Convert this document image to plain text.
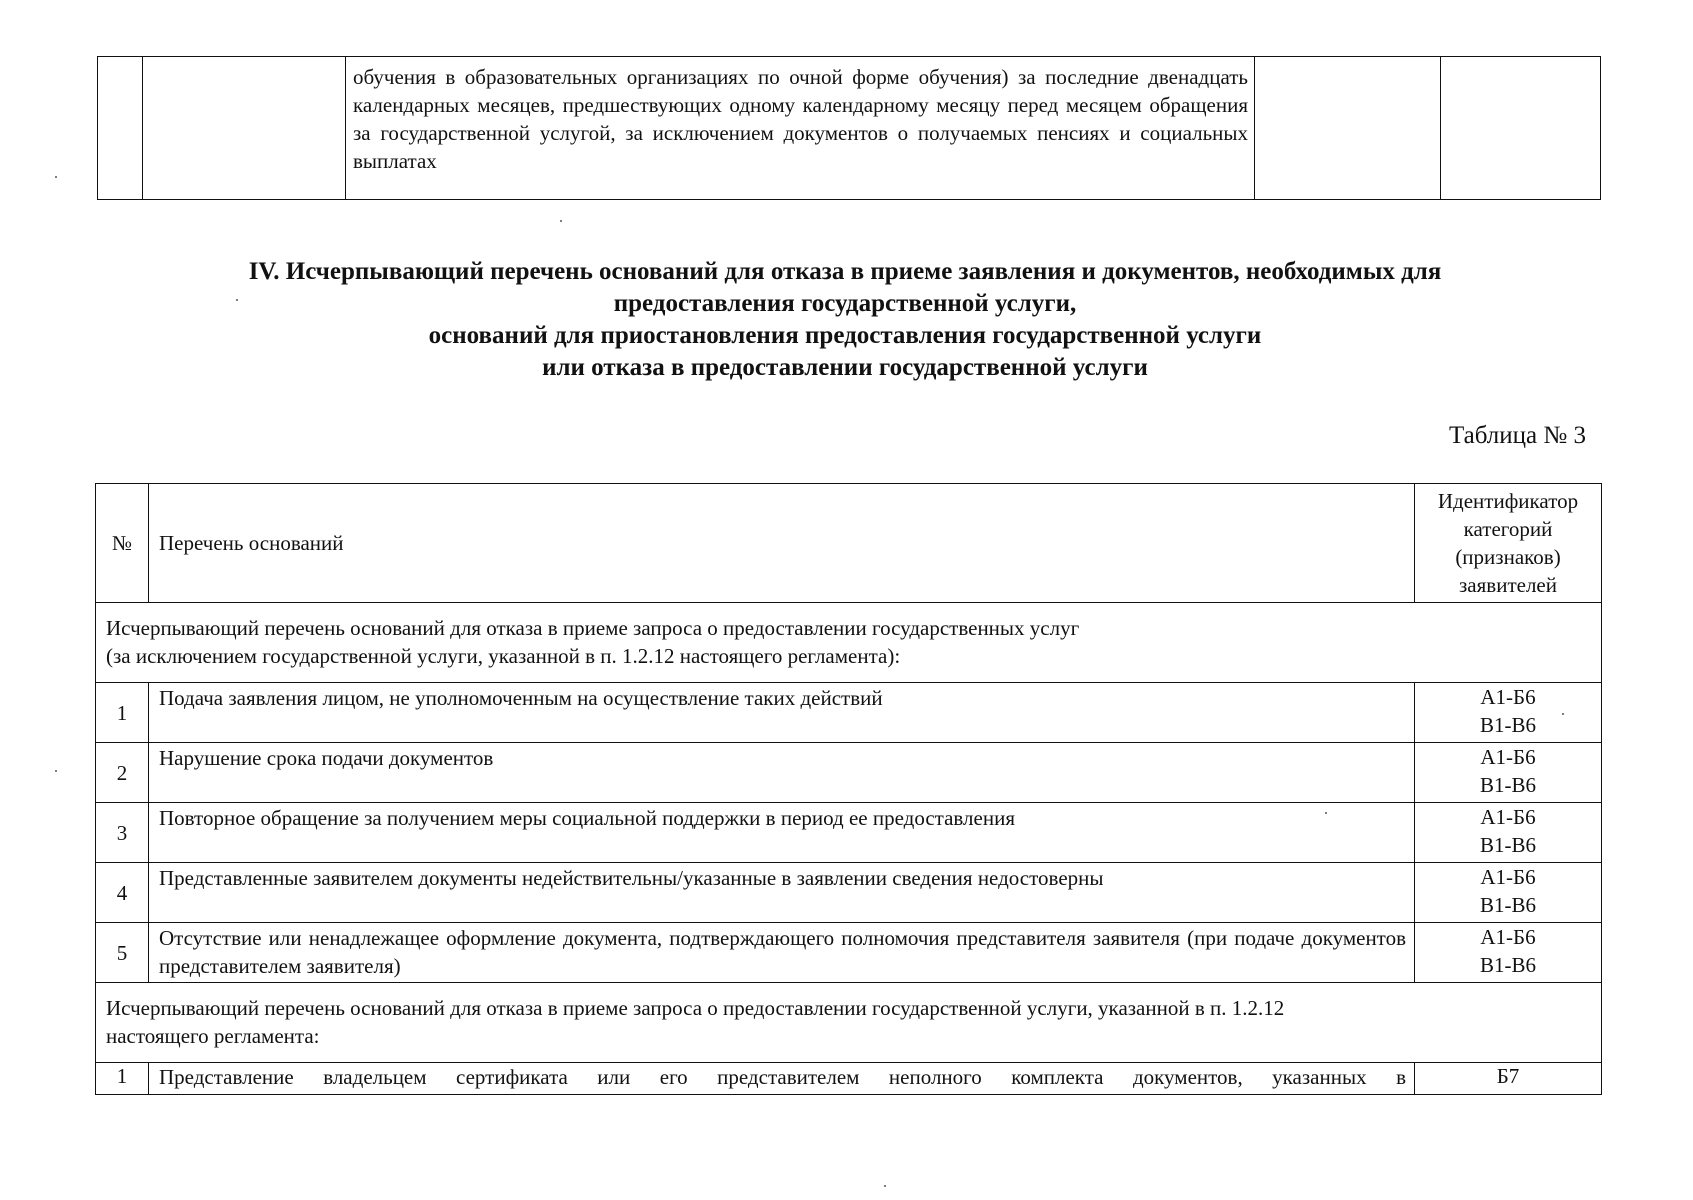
		обучения в образовательных организациях по очной форме обучения) за последние двенадцать календарных месяцев, предшествующих одному календарному месяцу перед месяцем обращения за государственной услугой, за исключением документов о получаемых пенсиях и социальных выплатах		
IV. Исчерпывающий перечень оснований для отказа в приеме заявления и документов, необходимых для
предоставления государственной услуги,
оснований для приостановления предоставления государственной услуги
или отказа в предоставлении государственной услуги
Таблица № 3
№	Перечень оснований	Идентификатор категорий (признаков) заявителей
Исчерпывающий перечень оснований для отказа в приеме запроса о предоставлении государственных услуг
(за исключением государственной услуги, указанной в п. 1.2.12 настоящего регламента):		
1	Подача заявления лицом, не уполномоченным на осуществление таких действий	А1-Б6
В1-В6
2	Нарушение срока подачи документов	А1-Б6
В1-В6
3	Повторное обращение за получением меры социальной поддержки в период ее предоставления	А1-Б6
В1-В6
4	Представленные заявителем документы недействительны/указанные в заявлении сведения недостоверны	А1-Б6
В1-В6
5	Отсутствие или ненадлежащее оформление документа, подтверждающего полномочия представителя заявителя (при подаче документов представителем заявителя)	А1-Б6
В1-В6
Исчерпывающий перечень оснований для отказа в приеме запроса о предоставлении государственной услуги, указанной в п. 1.2.12
настоящего регламента:		
1	Представление владельцем сертификата или его представителем неполного комплекта документов, указанных в	Б7
